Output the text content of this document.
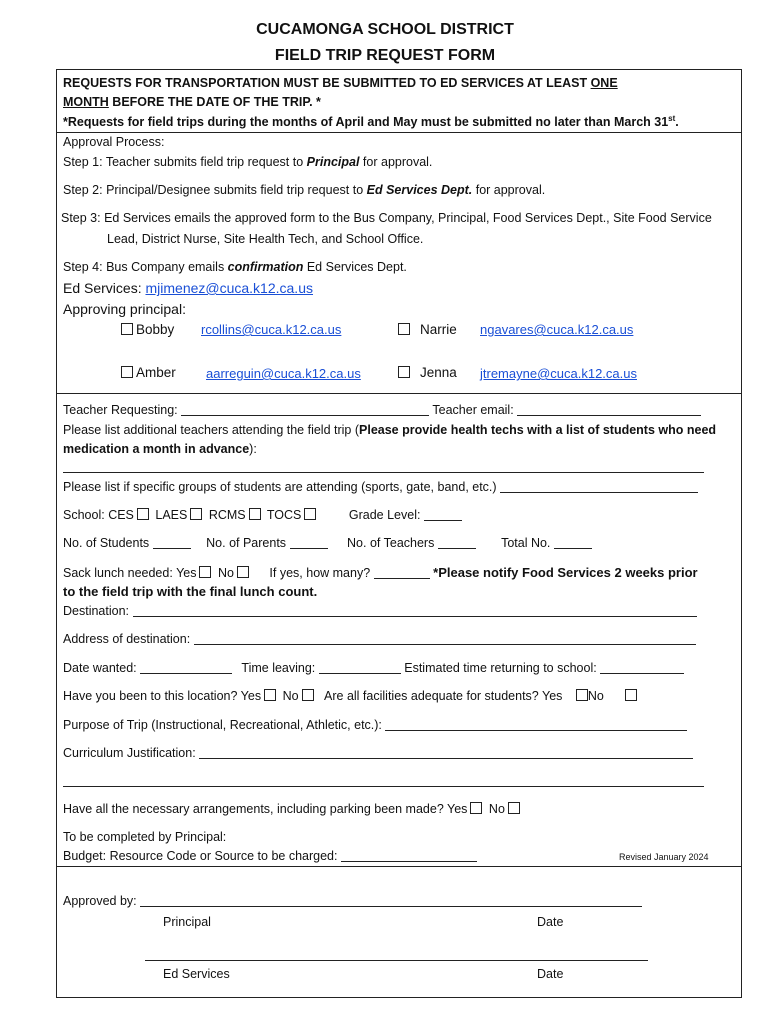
CUCAMONGA SCHOOL DISTRICT
FIELD TRIP REQUEST FORM
REQUESTS FOR TRANSPORTATION MUST BE SUBMITTED TO ED SERVICES AT LEAST ONE
MONTH BEFORE THE DATE OF THE TRIP. *
*Requests for field trips during the months of April and May must be submitted no later than March 31st.
Approval Process:
Step 1: Teacher submits field trip request to Principal for approval.
Step 2: Principal/Designee submits field trip request to Ed Services Dept. for approval.
Step 3: Ed Services emails the approved form to the Bus Company, Principal, Food Services Dept., Site Food Service
Lead, District Nurse, Site Health Tech, and School Office.
Step 4: Bus Company emails confirmation Ed Services Dept.
Ed Services: mjimenez@cuca.k12.ca.us
Approving principal:
Bobby rcollins@cuca.k12.ca.us	Narrie ngavares@cuca.k12.ca.us
Amber aarreguin@cuca.k12.ca.us	Jenna jtremayne@cuca.k12.ca.us
Teacher Requesting:	Teacher email:
Please list additional teachers attending the field trip (Please provide health techs with a list of students who need
medication a month in advance):
Please list if specific groups of students are attending (sports, gate, band, etc.)
School: CES LAES RCMS TOCS	Grade Level:
No. of Students	No. of Parents	No. of Teachers	Total No.
Sack lunch needed: Yes No	If yes, how many?	*Please notify Food Services 2 weeks prior
to the field trip with the final lunch count.
Destination:
Address of destination:
Date wanted:	Time leaving:	Estimated time returning to school:
Have you been to this location? Yes No Are all facilities adequate for students? Yes No
Purpose of Trip (Instructional, Recreational, Athletic, etc.):
Curriculum Justification:
Have all the necessary arrangements, including parking been made? Yes No
To be completed by Principal:
Budget: Resource Code or Source to be charged:	Revised January 2024
Approved by:
Principal	Date
Ed Services	Date
